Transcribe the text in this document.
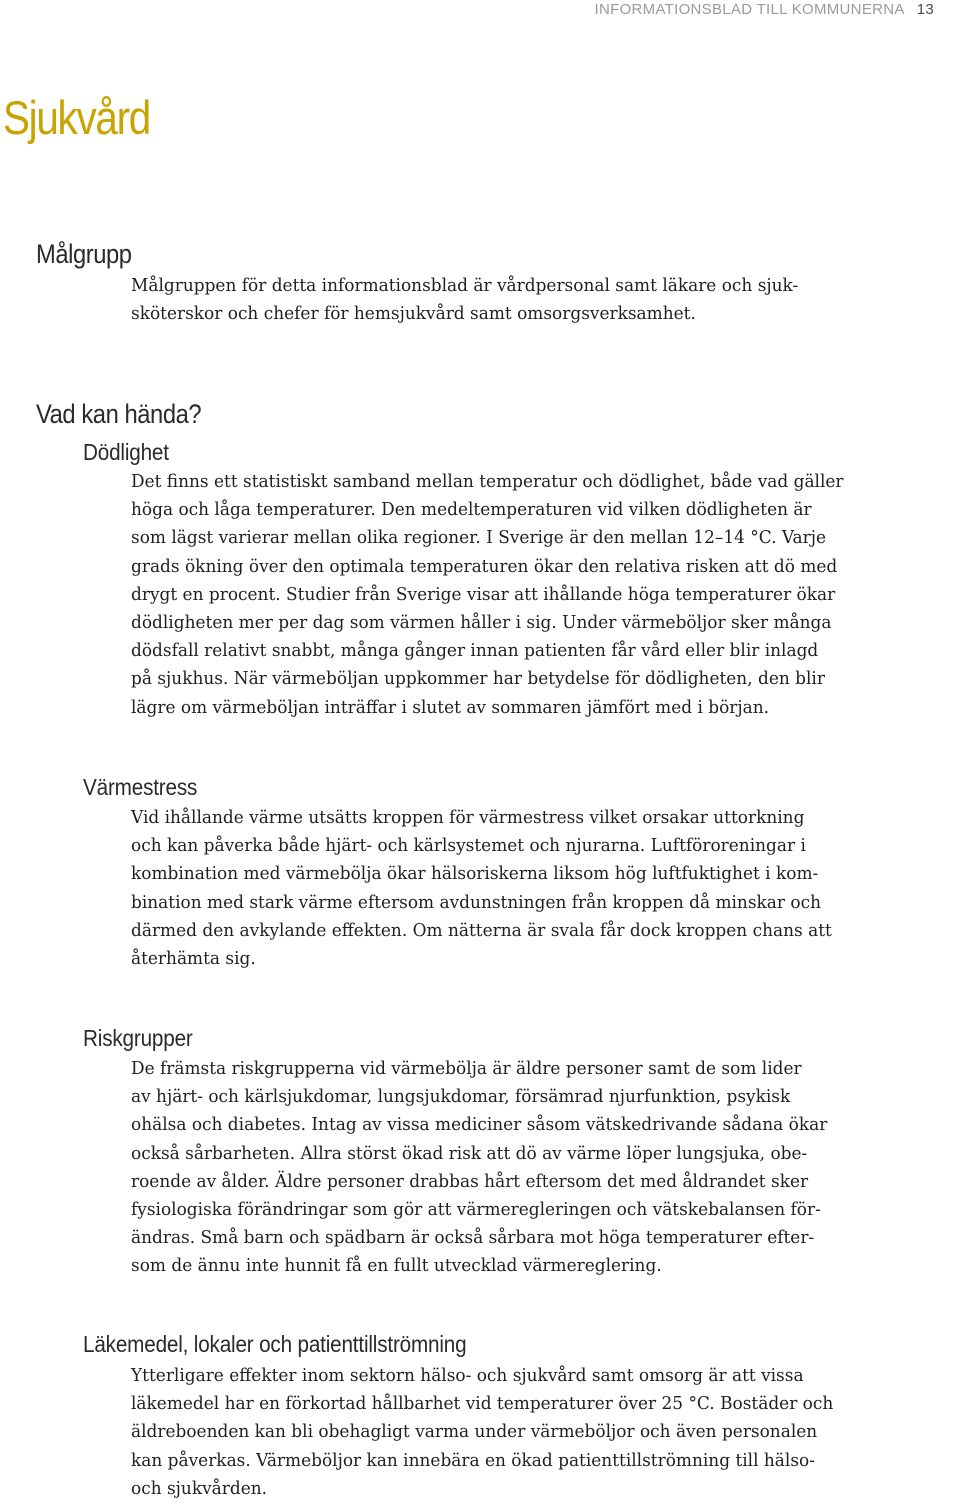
INFORMATIONSBLAD TILL KOMMUNERNA 13
Sjukvård
Målgrupp
Målgruppen för detta informationsblad är vårdpersonal samt läkare och sjuk-
sköterskor och chefer för hemsjukvård samt omsorgsverksamhet.
Vad kan hända?
Dödlighet
Det finns ett statistiskt samband mellan temperatur och dödlighet, både vad gäller
höga och låga temperaturer. Den medeltemperaturen vid vilken dödligheten är
som lägst varierar mellan olika regioner. I Sverige är den mellan 12–14 °C. Varje
grads ökning över den optimala temperaturen ökar den relativa risken att dö med
drygt en procent. Studier från Sverige visar att ihållande höga temperaturer ökar
dödligheten mer per dag som värmen håller i sig. Under värmeböljor sker många
dödsfall relativt snabbt, många gånger innan patienten får vård eller blir inlagd
på sjukhus. När värmeböljan uppkommer har betydelse för dödligheten, den blir
lägre om värmeböljan inträffar i slutet av sommaren jämfört med i början.
Värmestress
Vid ihållande värme utsätts kroppen för värmestress vilket orsakar uttorkning
och kan påverka både hjärt- och kärlsystemet och njurarna. Luftföroreningar i
kombination med värmebölja ökar hälsoriskerna liksom hög luftfuktighet i kom-
bination med stark värme eftersom avdunstningen från kroppen då minskar och
därmed den avkylande effekten. Om nätterna är svala får dock kroppen chans att
återhämta sig.
Riskgrupper
De främsta riskgrupperna vid värmebölja är äldre personer samt de som lider
av hjärt- och kärlsjukdomar, lungsjukdomar, försämrad njurfunktion, psykisk
ohälsa och diabetes. Intag av vissa mediciner såsom vätskedrivande sådana ökar
också sårbarheten. Allra störst ökad risk att dö av värme löper lungsjuka, obe-
roende av ålder. Äldre personer drabbas hårt eftersom det med åldrandet sker
fysiologiska förändringar som gör att värmeregleringen och vätskebalansen för-
ändras. Små barn och spädbarn är också sårbara mot höga temperaturer efter-
som de ännu inte hunnit få en fullt utvecklad värmereglering.
Läkemedel, lokaler och patienttillströmning
Ytterligare effekter inom sektorn hälso- och sjukvård samt omsorg är att vissa
läkemedel har en förkortad hållbarhet vid temperaturer över 25 °C. Bostäder och
äldreboenden kan bli obehagligt varma under värmeböljor och även personalen
kan påverkas. Värmeböljor kan innebära en ökad patienttillströmning till hälso-
och sjukvården.
